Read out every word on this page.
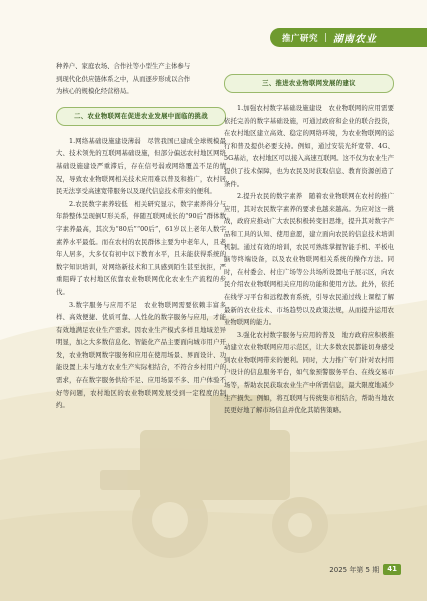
推广研究 | 湖南农业

种养户、家庭农场、合作社等小型生产主体参与

到现代化供应链体系之中，从而逐步形成以合作

为核心的规模化经营格局。

二、农业物联网在促进农业发展中面临的挑战

1.网络基础设施建设薄弱　尽管我国已建成全球规模最大、技术领先的互联网基础设施，但部分偏远农村地区网络基础设施建设严重滞后，存在信号弱或网络覆盖不足的情况，导致农业物联网相关技术应用难以普及和推广，农村居民无法享受高速宽带服务以及现代信息技术带来的便利。

2.农民数字素养较低　相关研究显示，数字素养得分与年龄整体呈现倒U形关系，伴随互联网成长的“90后”群体数字素养最高，其次为“80后”“00后”，61岁以上老年人数字素养水平最低。而在农村的农民群体主要为中老年人，且老年人居多，大多仅有初中以下教育水平，且未能获得系统的数字知识培训，对网络新技术和工具感到陌生甚至抗拒，严重阻碍了农村地区依靠农业物联网优化农业生产流程的步伐。

3.数字服务与应用不足　农业物联网需要依赖丰富多样、高效便捷、优质可靠、人性化的数字服务与应用，才能有效地满足农业生产需求。因农业生产模式多样且地域差异明显，加之大多数信息化、智能化产品主要面向城市用户开发，农业物联网数字服务和应用在使用场景、界面设计、功能设置上未与地方农业生产实际相结合，不符合乡村用户的需求，存在数字服务供给不足、应用场景不多、用户体验不好等问题，农村地区的农业物联网发展受到一定程度的制约。

三、推进农业物联网发展的建议

1.加强农村数字基础设施建设　农业物联网的应用需要依托完善的数字基础设施，可通过政府和企业的联合投资，在农村地区建立高效、稳定的网络环境，为农业物联网的运行和普及提供必要支持。例如，通过安装光纤宽带、4G、5G基站，农村地区可以接入高速互联网。这不仅为农业生产提供了技术保障，也为农民及时获取信息、教育资源创造了条件。

2.提升农民的数字素养　随着农业物联网在农村的推广应用，其对农民数字素养的要求也越来越高。为应对这一挑战，政府应推动广大农民积极转变旧思维，提升其对数字产品和工具的认知、使用意愿，建立面向农民的信息技术培训机制。通过有效的培训，农民可熟练掌握智能手机、平板电脑等终端设备，以及农业物联网相关系统的操作方法。同时，在村委会、村庄广场等公共场所设置电子展示区，向农民介绍农业物联网相关应用的功能和使用方法。此外，依托在线学习平台和远程教育系统，引导农民通过线上课程了解最新的农业技术、市场趋势以及政策法规，从而提升运用农业物联网的能力。

3.强化农村数字服务与应用的普及　地方政府应积极推动建立农业物联网应用示范区，让大多数农民都能切身感受到农业物联网带来的便利。同时，大力推广专门针对农村用户设计的信息服务平台，如气象预警服务平台、在线交易市场等，帮助农民获取农业生产中所需信息，最大限度地减少生产损失。例如，将互联网与传统集市相结合，帮助当地农民更好地了解市场信息并优化其销售策略。

2025 年第 5 期	41
